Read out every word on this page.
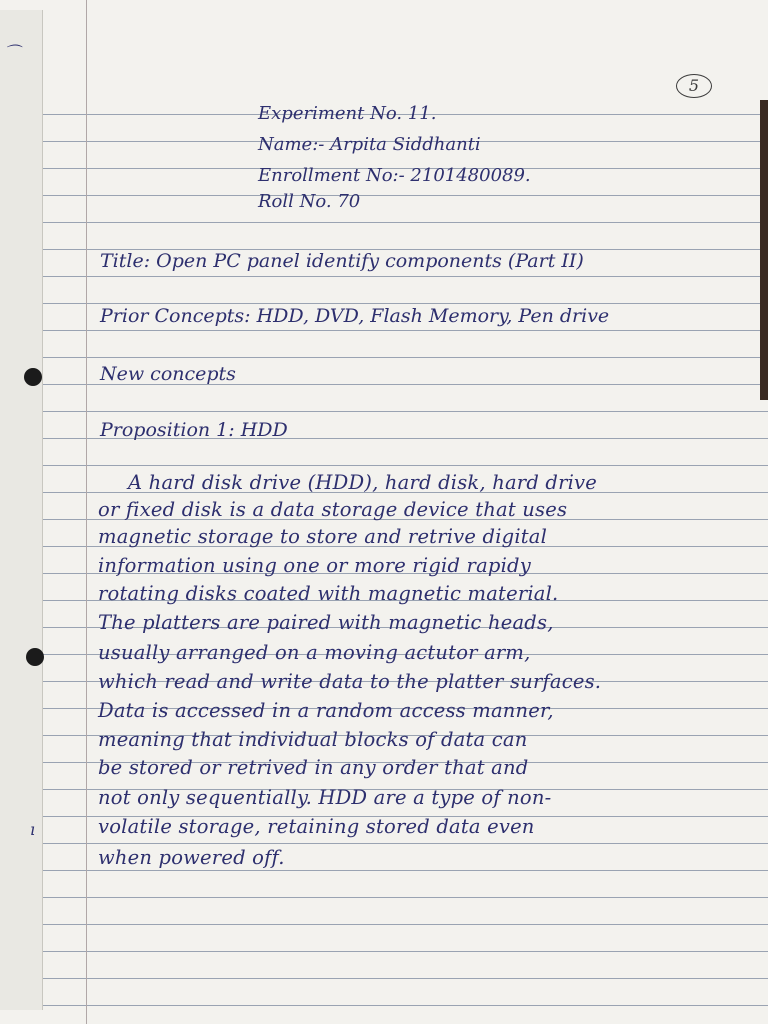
⌒
ı
5
Experiment No. 11.
Name:- Arpita Siddhanti
Enrollment No:- 2101480089.
Roll No. 70
Title: Open PC panel identify components (Part II)
Prior Concepts: HDD, DVD, Flash Memory, Pen drive
New concepts
Proposition 1: HDD
A hard disk drive (HDD), hard disk, hard drive
or fixed disk is a data storage device that uses
magnetic storage to store and retrive digital
information using one or more rigid rapidy
rotating disks coated with magnetic material.
The platters are paired with magnetic heads,
usually arranged on a moving actutor arm,
which read and write data to the platter surfaces.
Data is accessed in a random access manner,
meaning that individual blocks of data can
be stored or retrived in any order that and
not only sequentially. HDD are a type of non-
volatile storage, retaining stored data even
when powered off.
